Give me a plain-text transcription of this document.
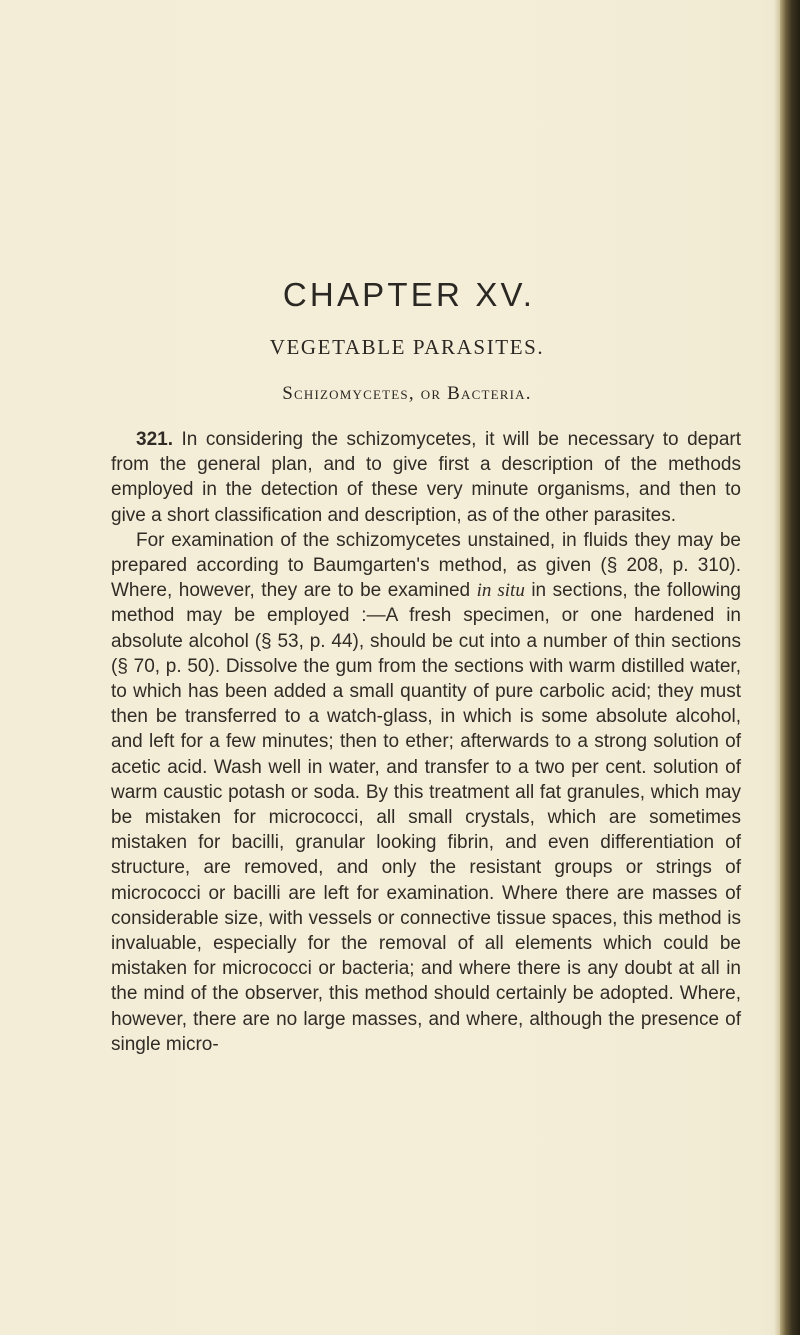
CHAPTER XV.
VEGETABLE PARASITES.
Schizomycetes, or Bacteria.

321. In considering the schizomycetes, it will be necessary to depart from the general plan, and to give first a description of the methods employed in the detection of these very minute organisms, and then to give a short classification and description, as of the other parasites.

For examination of the schizomycetes unstained, in fluids they may be prepared according to Baumgarten's method, as given (§ 208, p. 310). Where, however, they are to be examined in situ in sections, the following method may be employed :—A fresh specimen, or one hardened in absolute alcohol (§ 53, p. 44), should be cut into a number of thin sections (§ 70, p. 50). Dissolve the gum from the sections with warm distilled water, to which has been added a small quantity of pure carbolic acid; they must then be transferred to a watch-glass, in which is some absolute alcohol, and left for a few minutes; then to ether; afterwards to a strong solution of acetic acid. Wash well in water, and transfer to a two per cent. solution of warm caustic potash or soda. By this treatment all fat granules, which may be mistaken for micrococci, all small crystals, which are sometimes mistaken for bacilli, granular looking fibrin, and even differentiation of structure, are removed, and only the resistant groups or strings of micrococci or bacilli are left for examination. Where there are masses of considerable size, with vessels or connective tissue spaces, this method is invaluable, especially for the removal of all elements which could be mistaken for micrococci or bacteria; and where there is any doubt at all in the mind of the observer, this method should certainly be adopted. Where, however, there are no large masses, and where, although the presence of single micro-
